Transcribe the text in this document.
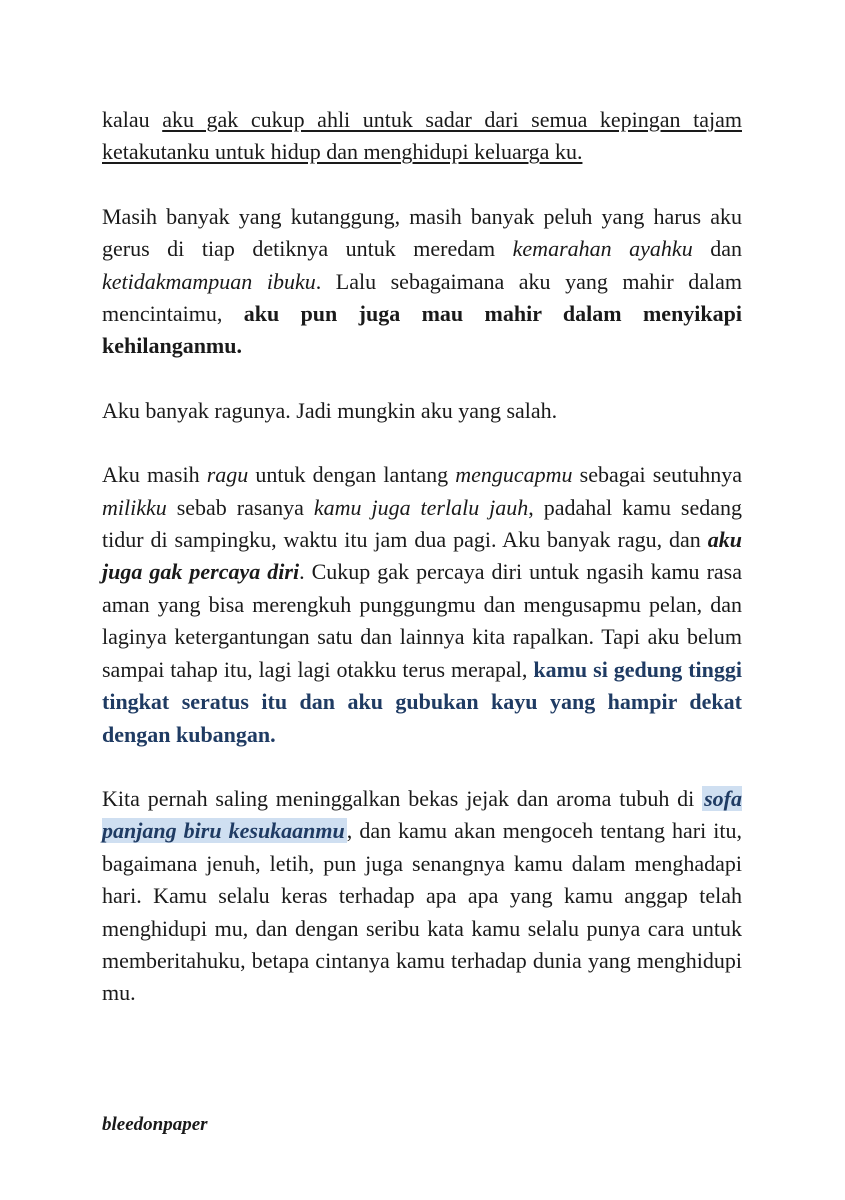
kalau aku gak cukup ahli untuk sadar dari semua kepingan tajam ketakutanku untuk hidup dan menghidupi keluarga ku.

Masih banyak yang kutanggung, masih banyak peluh yang harus aku gerus di tiap detiknya untuk meredam kemarahan ayahku dan ketidakmampuan ibuku. Lalu sebagaimana aku yang mahir dalam mencintaimu, aku pun juga mau mahir dalam menyikapi kehilanganmu.

Aku banyak ragunya. Jadi mungkin aku yang salah.

Aku masih ragu untuk dengan lantang mengucapmu sebagai seutuhnya milikku sebab rasanya kamu juga terlalu jauh, padahal kamu sedang tidur di sampingku, waktu itu jam dua pagi. Aku banyak ragu, dan aku juga gak percaya diri. Cukup gak percaya diri untuk ngasih kamu rasa aman yang bisa merengkuh punggungmu dan mengusapmu pelan, dan laginya ketergantungan satu dan lainnya kita rapalkan. Tapi aku belum sampai tahap itu, lagi lagi otakku terus merapal, kamu si gedung tinggi tingkat seratus itu dan aku gubukan kayu yang hampir dekat dengan kubangan.

Kita pernah saling meninggalkan bekas jejak dan aroma tubuh di sofa panjang biru kesukaanmu, dan kamu akan mengoceh tentang hari itu, bagaimana jenuh, letih, pun juga senangnya kamu dalam menghadapi hari. Kamu selalu keras terhadap apa apa yang kamu anggap telah menghidupi mu, dan dengan seribu kata kamu selalu punya cara untuk memberitahuku, betapa cintanya kamu terhadap dunia yang menghidupi mu.

bleedonpaper
